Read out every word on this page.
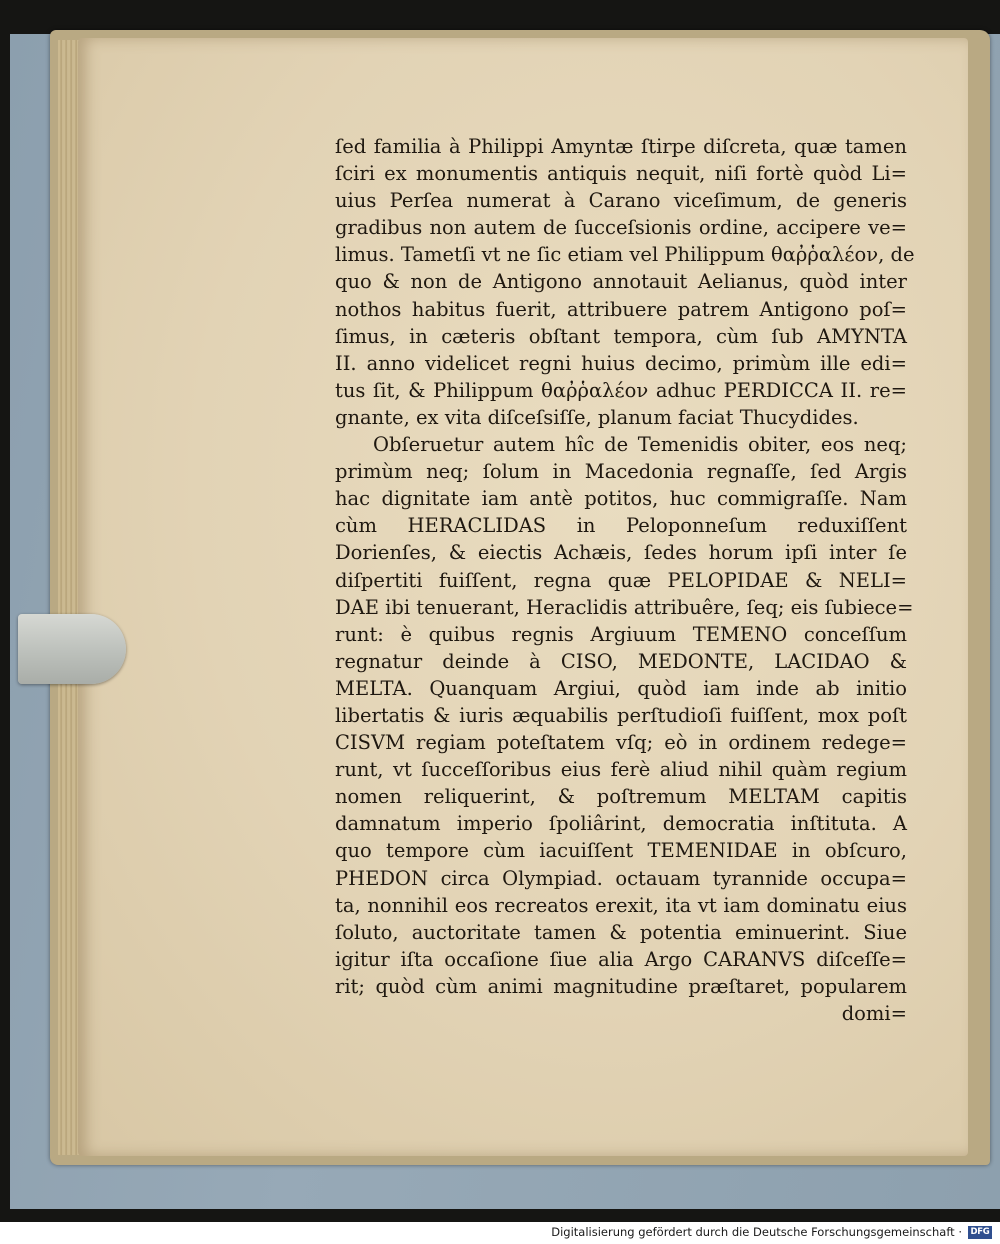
ſed familia à Philippi Amyntæ ſtirpe diſcreta, quæ tamen
ſciri ex monumentis antiquis nequit, niſi fortè quòd Li=
uius Perſea numerat à Carano viceſimum, de generis
gradibus non autem de ſucceſsionis ordine, accipere ve=
limus. Tametſi vt ne ſic etiam vel Philippum θαῤῥαλέον, de
quo & non de Antigono annotauit Aelianus, quòd inter
nothos habitus fuerit, attribuere patrem Antigono poſ=
ſimus, in cæteris obſtant tempora, cùm ſub AMYNTA
II. anno videlicet regni huius decimo, primùm ille edi=
tus ſit, & Philippum θαῤῥαλέον adhuc PERDICCA II. re=
gnante, ex vita diſceſsiſſe, planum faciat Thucydides.
Obſeruetur autem hîc de Temenidis obiter, eos neq;
primùm neq; ſolum in Macedonia regnaſſe, ſed Argis
hac dignitate iam antè potitos, huc commigraſſe. Nam
cùm HERACLIDAS in Peloponneſum reduxiſſent
Dorienſes, & eiectis Achæis, ſedes horum ipſi inter ſe
diſpertiti fuiſſent, regna quæ PELOPIDAE & NELI=
DAE ibi tenuerant, Heraclidis attribuêre, ſeq; eis ſubiece=
runt: è quibus regnis Argiuum TEMENO conceſſum
regnatur deinde à CISO, MEDONTE, LACIDAO &
MELTA. Quanquam Argiui, quòd iam inde ab initio
libertatis & iuris æquabilis perſtudioſi fuiſſent, mox poſt
CISVM regiam poteſtatem vſq; eò in ordinem redege=
runt, vt ſucceſſoribus eius ferè aliud nihil quàm regium
nomen reliquerint, & poſtremum MELTAM capitis
damnatum imperio ſpoliârint, democratia inſtituta. A
quo tempore cùm iacuiſſent TEMENIDAE in obſcuro,
PHEDON circa Olympiad. octauam tyrannide occupa=
ta, nonnihil eos recreatos erexit, ita vt iam dominatu eius
ſoluto, auctoritate tamen & potentia eminuerint. Siue
igitur iſta occaſione ſiue alia Argo CARANVS diſceſſe=
rit; quòd cùm animi magnitudine præſtaret, popularem
domi=
Digitalisierung gefördert durch die Deutsche Forschungsgemeinschaft · DFG
